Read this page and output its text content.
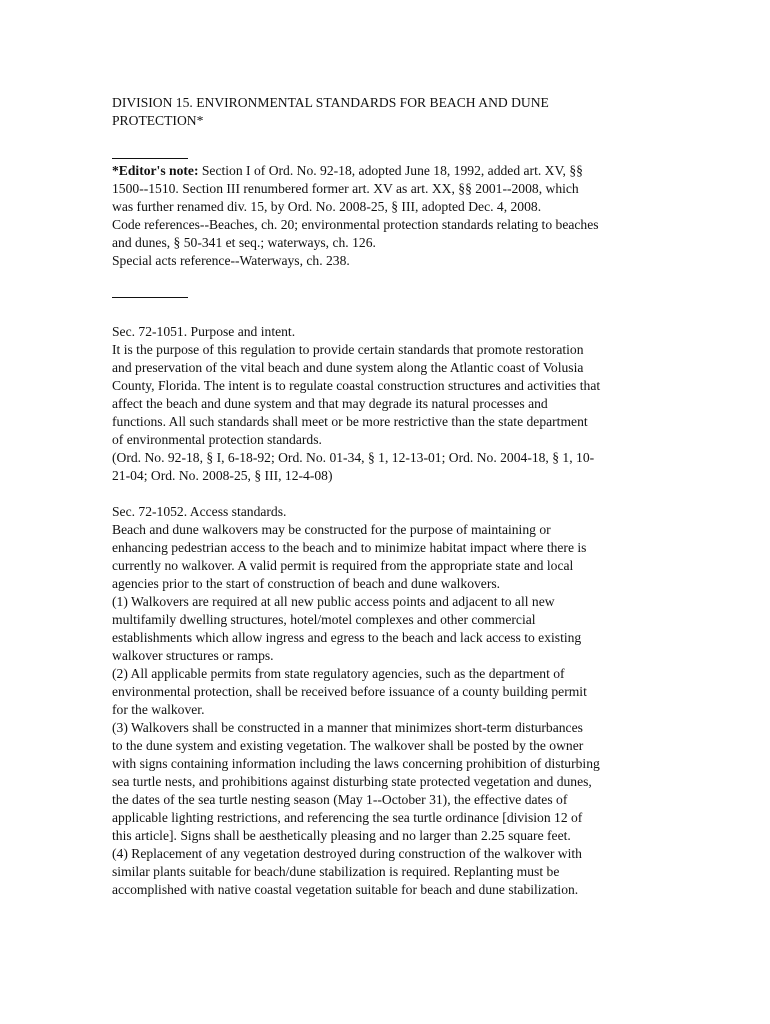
DIVISION 15. ENVIRONMENTAL STANDARDS FOR BEACH AND DUNE
PROTECTION*
*Editor's note: Section I of Ord. No. 92-18, adopted June 18, 1992, added art. XV, §§
1500--1510. Section III renumbered former art. XV as art. XX, §§ 2001--2008, which
was further renamed div. 15, by Ord. No. 2008-25, § III, adopted Dec. 4, 2008.
Code references--Beaches, ch. 20; environmental protection standards relating to beaches
and dunes, § 50-341 et seq.; waterways, ch. 126.
Special acts reference--Waterways, ch. 238.
Sec. 72-1051. Purpose and intent.
It is the purpose of this regulation to provide certain standards that promote restoration
and preservation of the vital beach and dune system along the Atlantic coast of Volusia
County, Florida. The intent is to regulate coastal construction structures and activities that
affect the beach and dune system and that may degrade its natural processes and
functions. All such standards shall meet or be more restrictive than the state department
of environmental protection standards.
(Ord. No. 92-18, § I, 6-18-92; Ord. No. 01-34, § 1, 12-13-01; Ord. No. 2004-18, § 1, 10-
21-04; Ord. No. 2008-25, § III, 12-4-08)
Sec. 72-1052. Access standards.
Beach and dune walkovers may be constructed for the purpose of maintaining or
enhancing pedestrian access to the beach and to minimize habitat impact where there is
currently no walkover. A valid permit is required from the appropriate state and local
agencies prior to the start of construction of beach and dune walkovers.
(1) Walkovers are required at all new public access points and adjacent to all new
multifamily dwelling structures, hotel/motel complexes and other commercial
establishments which allow ingress and egress to the beach and lack access to existing
walkover structures or ramps.
(2) All applicable permits from state regulatory agencies, such as the department of
environmental protection, shall be received before issuance of a county building permit
for the walkover.
(3) Walkovers shall be constructed in a manner that minimizes short-term disturbances
to the dune system and existing vegetation. The walkover shall be posted by the owner
with signs containing information including the laws concerning prohibition of disturbing
sea turtle nests, and prohibitions against disturbing state protected vegetation and dunes,
the dates of the sea turtle nesting season (May 1--October 31), the effective dates of
applicable lighting restrictions, and referencing the sea turtle ordinance [division 12 of
this article]. Signs shall be aesthetically pleasing and no larger than 2.25 square feet.
(4) Replacement of any vegetation destroyed during construction of the walkover with
similar plants suitable for beach/dune stabilization is required. Replanting must be
accomplished with native coastal vegetation suitable for beach and dune stabilization.
